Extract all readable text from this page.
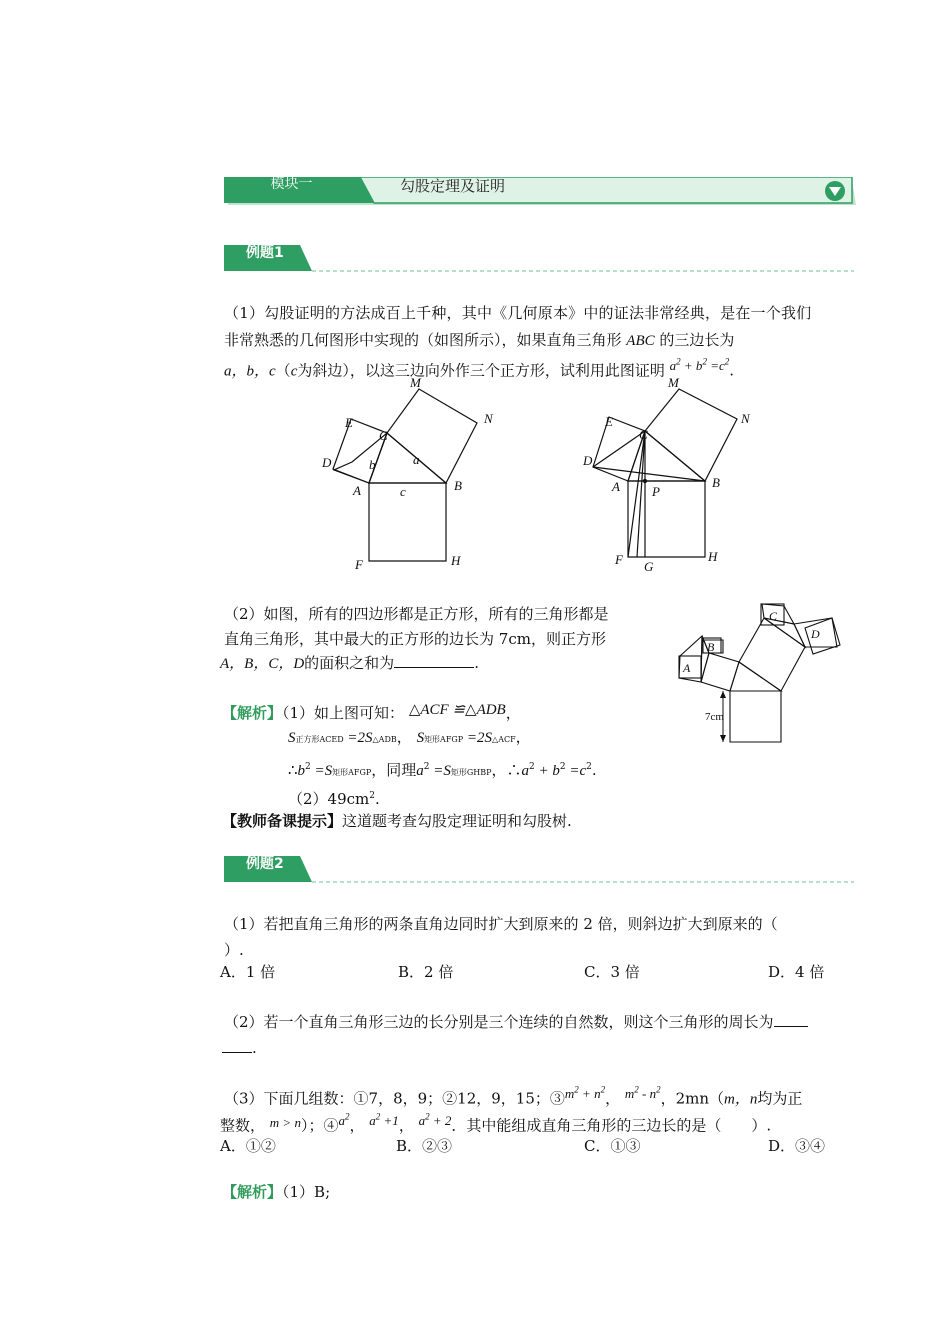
模块一	勾股定理及证明
例题1
（1）勾股证明的方法成百上千种，其中《几何原本》中的证法非常经典，是在一个我们
非常熟悉的几何图形中实现的（如图所示），如果直角三角形 ABC 的三边长为
a，b，c（c为斜边），以这三边向外作三个正方形，试利用此图证明 $a^2 + b^2 =c^2$.
M
N
E
C
D	b	a
A	c	B
F	H
M
N
E
C
D
A P
B
F G
H
（2）如图，所有的四边形都是正方形，所有的三角形都是
直角三角形，其中最大的正方形的边长为 7cm，则正方形
A，B，C，D的面积之和为	.
C
D
B
A
7cm
【解析】（1）如上图可知： △ACF ≌△ADB，
S正方形ACED =2S△ADB， S矩形AFGP =2S△ACF，
$\therefore b^2 =S$矩形AFGP，同理$a^2 =S$矩形GHBP，$\therefore a^2 + b^2 =c^2$.
$(2)49cm^2$.
【教师备课提示】这道题考查勾股定理证明和勾股树.
例题2
（1）若把直角三角形的两条直角边同时扩大到原来的 2 倍，则斜边扩大到原来的（
）.
A．1 倍	B．2 倍	C．3 倍	D．4 倍
（2）若一个直角三角形三边的长分别是三个连续的自然数，则这个三角形的周长为
.
（3）下面几组数：①7，8，9；②12，9，15；$③m^2 + n^2$， $m^2 - n^2$，2mn（m，n均为正
整数， m > n）；$④a^2$， $a^2 +1$， $a^2 + 2$．其中能组成直角三角形的三边长的是（　　）.
A．①②	B．②③	C．①③	D．③④
【解析】（1）B;
